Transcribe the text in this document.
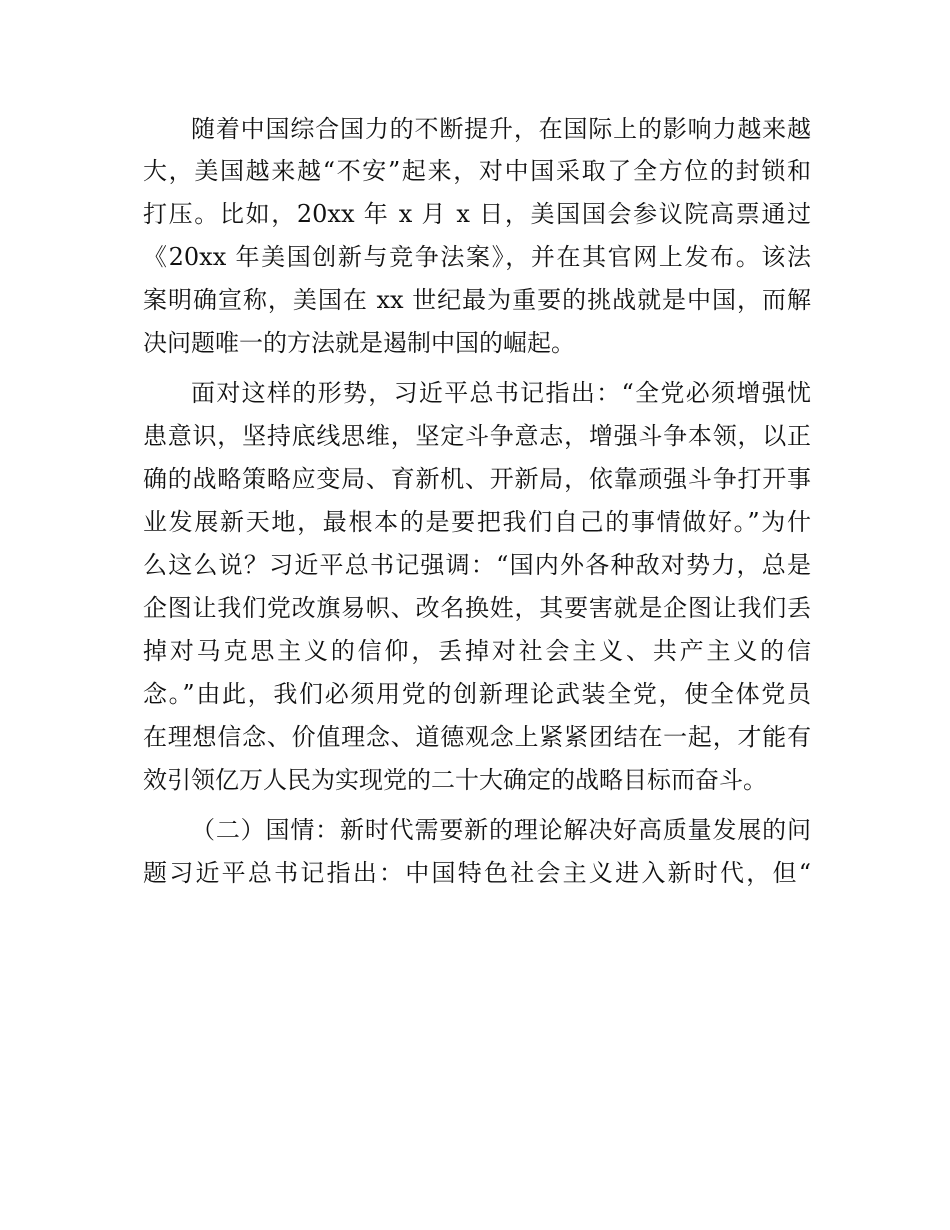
随着中国综合国力的不断提升，在国际上的影响力越来越
大，美国越来越“不安”起来，对中国采取了全方位的封锁和
打压。比如，20xx 年 x 月 x 日，美国国会参议院高票通过
《20xx 年美国创新与竞争法案》，并在其官网上发布。该法
案明确宣称，美国在 xx 世纪最为重要的挑战就是中国，而解
决问题唯一的方法就是遏制中国的崛起。
面对这样的形势，习近平总书记指出：“全党必须增强忧
患意识，坚持底线思维，坚定斗争意志，增强斗争本领，以正
确的战略策略应变局、育新机、开新局，依靠顽强斗争打开事
业发展新天地，最根本的是要把我们自己的事情做好。”为什
么这么说？习近平总书记强调：“国内外各种敌对势力，总是
企图让我们党改旗易帜、改名换姓，其要害就是企图让我们丢
掉对马克思主义的信仰，丢掉对社会主义、共产主义的信
念。”由此，我们必须用党的创新理论武装全党，使全体党员
在理想信念、价值理念、道德观念上紧紧团结在一起，才能有
效引领亿万人民为实现党的二十大确定的战略目标而奋斗。
（二）国情：新时代需要新的理论解决好高质量发展的问
题习近平总书记指出：中国特色社会主义进入新时代，但“
